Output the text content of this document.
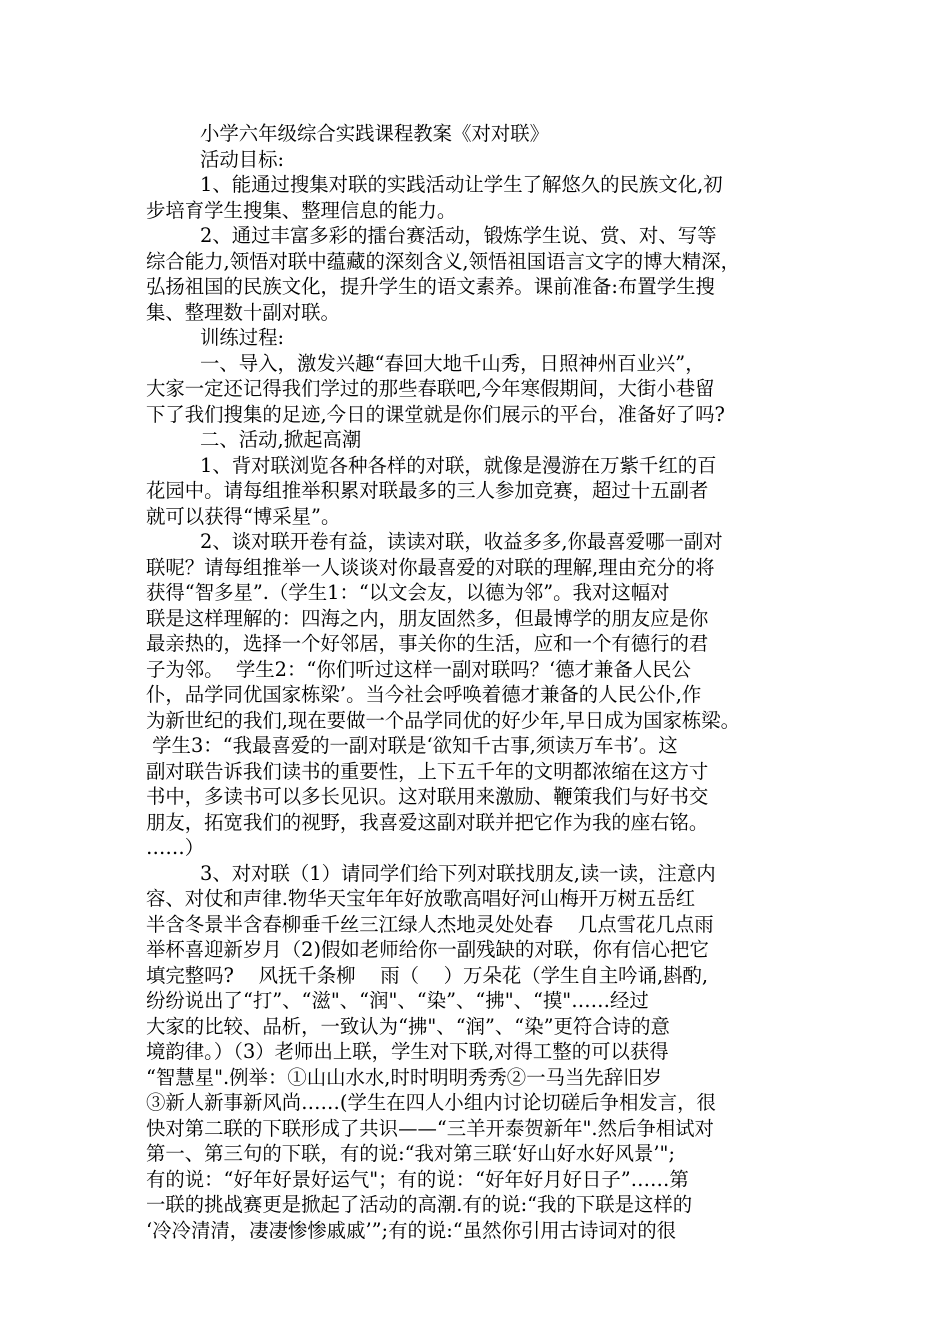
小学六年级综合实践课程教案《对对联》
活动目标:
1、能通过搜集对联的实践活动让学生了解悠久的民族文化,初
步培育学生搜集、整理信息的能力。
2、通过丰富多彩的擂台赛活动，锻炼学生说、赏、对、写等
综合能力,领悟对联中蕴藏的深刻含义,领悟祖国语言文字的博大精深，
弘扬祖国的民族文化，提升学生的语文素养。课前准备:布置学生搜
集、整理数十副对联。
训练过程:
一、导入，激发兴趣“春回大地千山秀，日照神州百业兴”，
大家一定还记得我们学过的那些春联吧,今年寒假期间，大街小巷留
下了我们搜集的足迹,今日的课堂就是你们展示的平台，准备好了吗?
二、活动,掀起高潮
1、背对联浏览各种各样的对联，就像是漫游在万紫千红的百
花园中。请每组推举积累对联最多的三人参加竞赛，超过十五副者
就可以获得“博采星”。
2、谈对联开卷有益，读读对联，收益多多,你最喜爱哪一副对
联呢？请每组推举一人谈谈对你最喜爱的对联的理解,理由充分的将
获得“智多星”.（学生1：“以文会友，以德为邻”。我对这幅对
联是这样理解的：四海之内，朋友固然多，但最博学的朋友应是你
最亲热的，选择一个好邻居，事关你的生活，应和一个有德行的君
子为邻。  学生2：“你们听过这样一副对联吗？‘德才兼备人民公
仆，品学同优国家栋梁’。当今社会呼唤着德才兼备的人民公仆,作
为新世纪的我们,现在要做一个品学同优的好少年,早日成为国家栋梁。
学生3：“我最喜爱的一副对联是‘欲知千古事,须读万车书’。这
副对联告诉我们读书的重要性，上下五千年的文明都浓缩在这方寸
书中，多读书可以多长见识。这对联用来激励、鞭策我们与好书交
朋友，拓宽我们的视野，我喜爱这副对联并把它作为我的座右铭。
……）
3、对对联（1）请同学们给下列对联找朋友,读一读，注意内
容、对仗和声律.物华天宝年年好放歌高唱好河山梅开万树五岳红
半含冬景半含春柳垂千丝三江绿人杰地灵处处春    几点雪花几点雨
举杯喜迎新岁月（2)假如老师给你一副残缺的对联，你有信心把它
填完整吗?    风抚千条柳    雨（    ）万朵花（学生自主吟诵,斟酌,
纷纷说出了“打”、“滋"、“润"、“染”、“拂"、“摸"……经过
大家的比较、品析，一致认为“拂"、“润”、“染”更符合诗的意
境韵律。）（3）老师出上联，学生对下联,对得工整的可以获得
“智慧星".例举：①山山水水,时时明明秀秀②一马当先辞旧岁
③新人新事新风尚……(学生在四人小组内讨论切磋后争相发言，很
快对第二联的下联形成了共识——“三羊开泰贺新年".然后争相试对
第一、第三句的下联，有的说:“我对第三联‘好山好水好风景’";
有的说：“好年好景好运气"；有的说：“好年好月好日子”……第
一联的挑战赛更是掀起了活动的高潮.有的说:“我的下联是这样的
‘冷冷清清，凄凄惨惨戚戚’”;有的说:“虽然你引用古诗词对的很
